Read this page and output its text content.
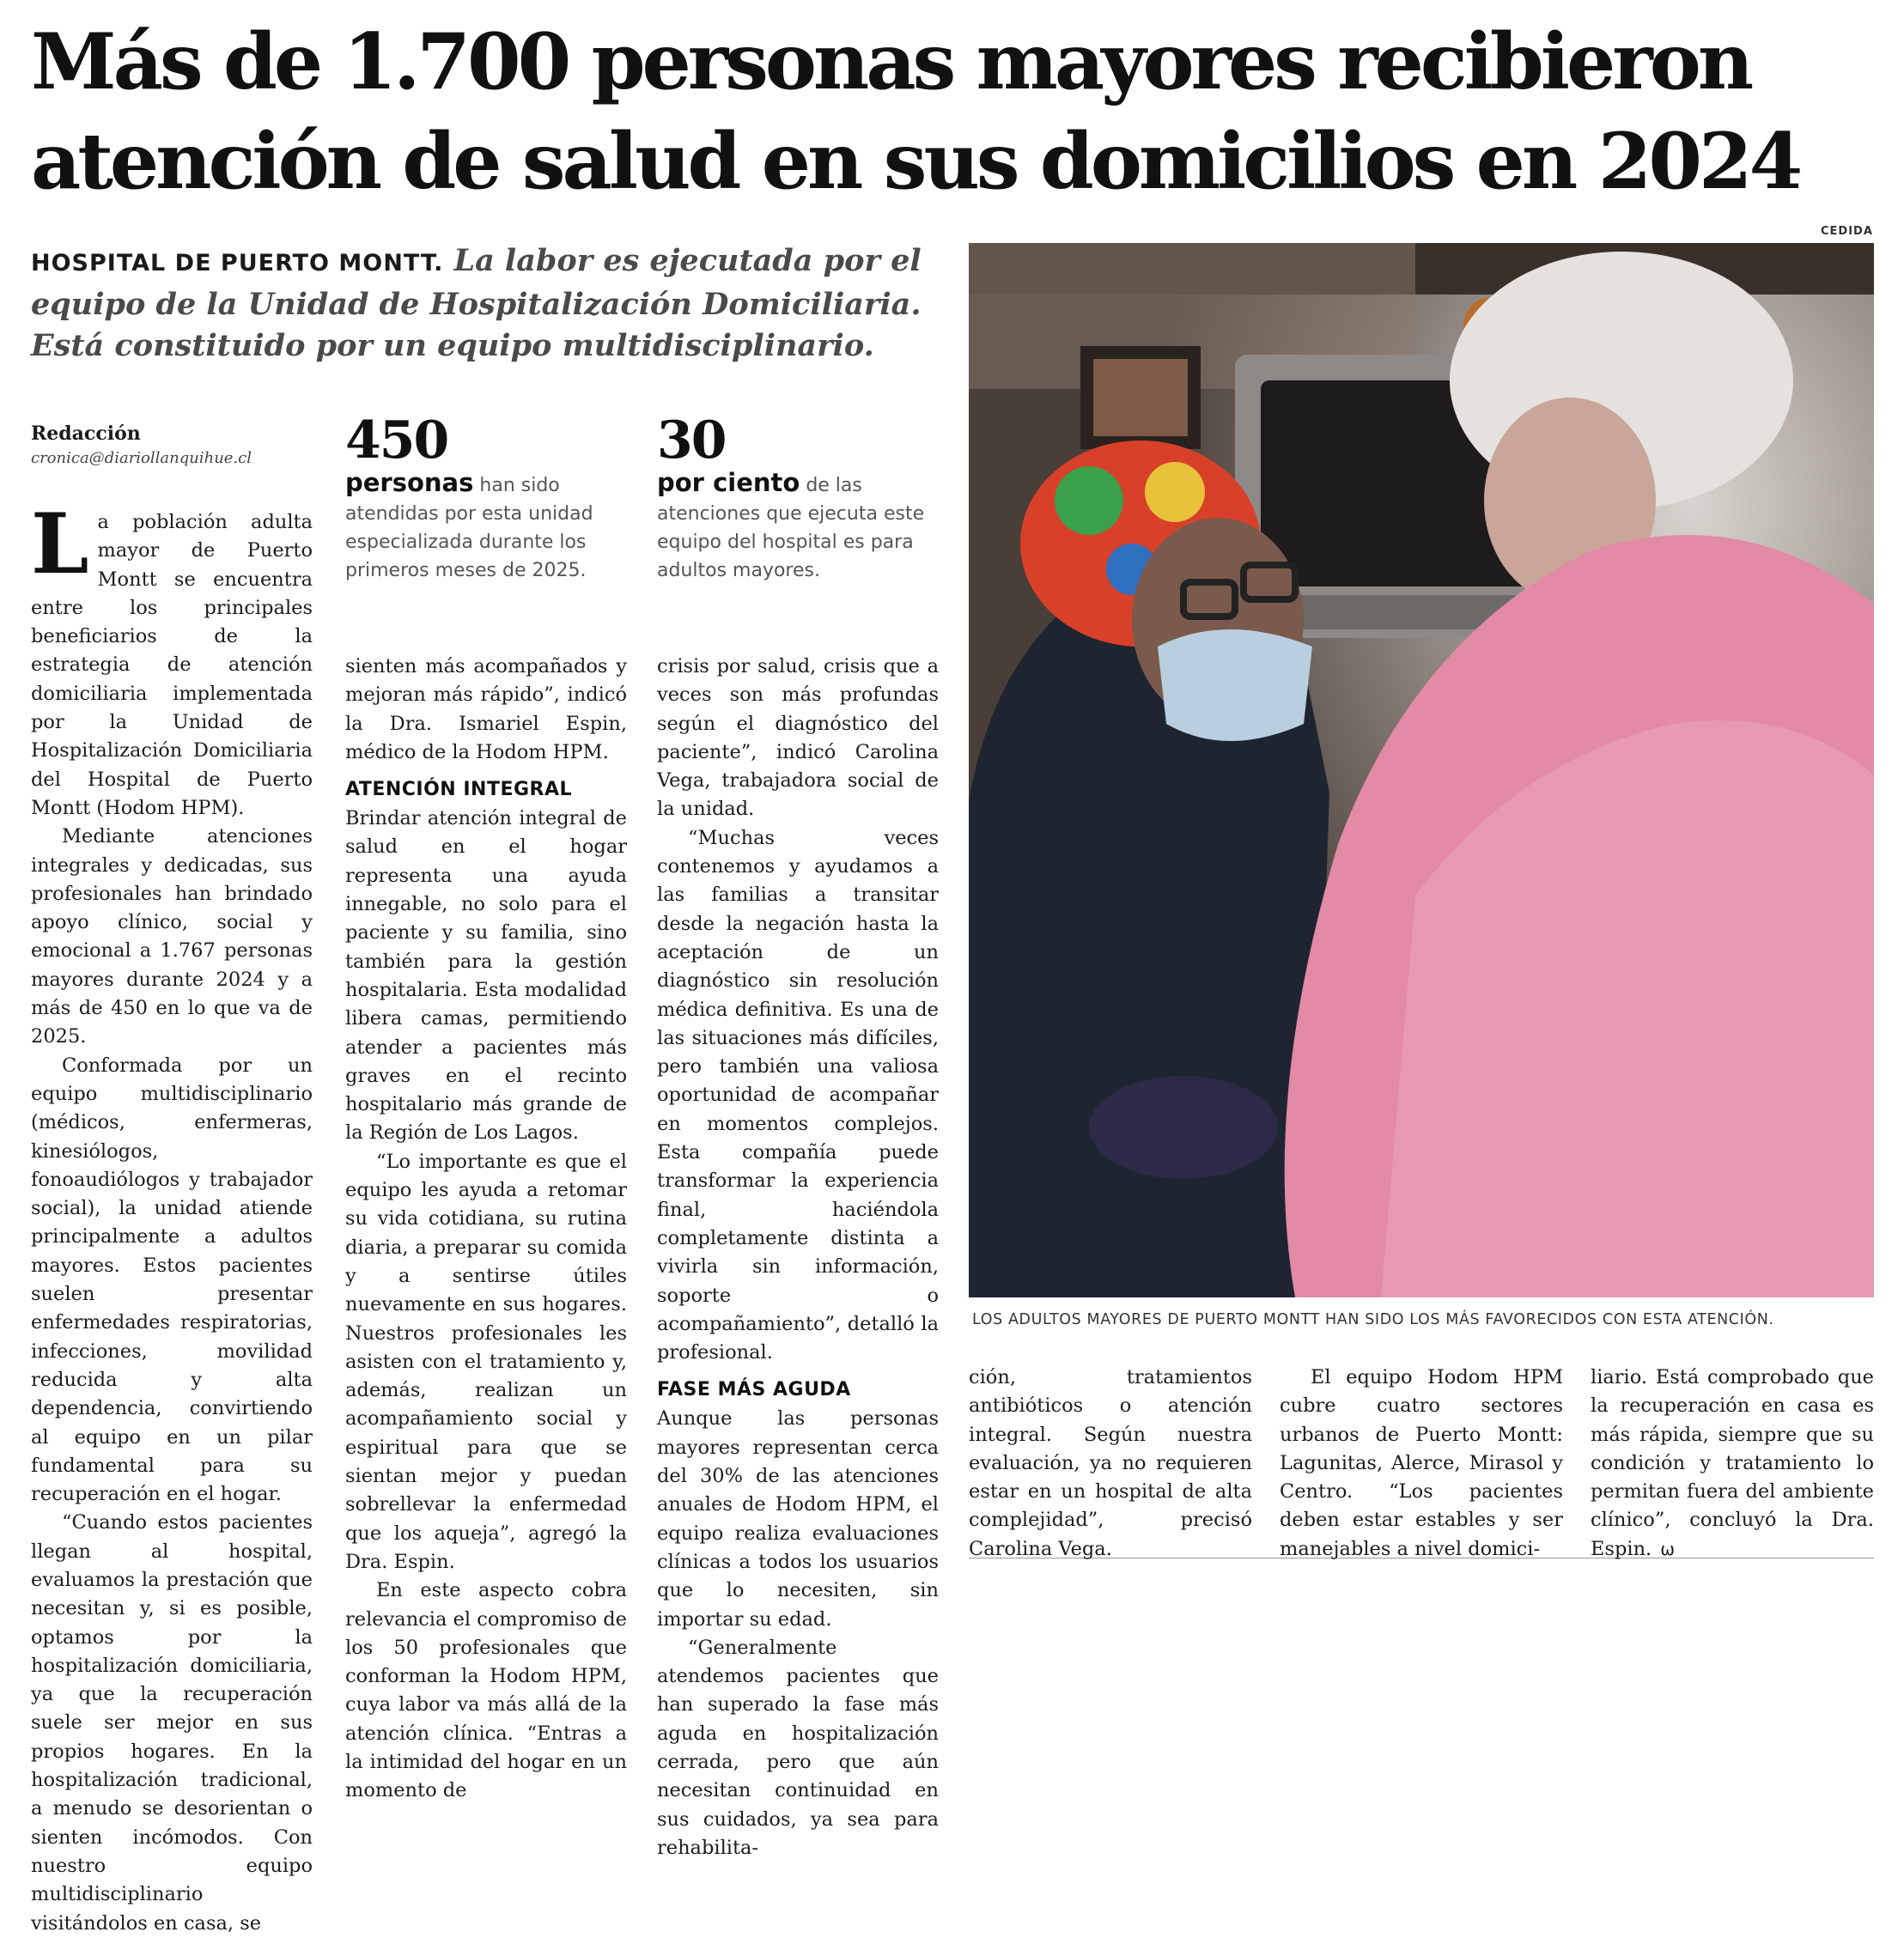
Más de 1.700 personas mayores recibieron
atención de salud en sus domicilios en 2024
CEDIDA

HOSPITAL DE PUERTO MONTT. La labor es ejecutada por el equipo de la Unidad de Hospitalización Domiciliaria. Está constituido por un equipo multidisciplinario.

Redacción
cronica@diariollanquihue.cl	450
personas han sido atendidas por esta unidad especializada durante los primeros meses de 2025.
30
por ciento de las atenciones que ejecuta este equipo del hospital es para adultos mayores.

La población adulta mayor de Puerto Montt se encuentra entre los principales beneficiarios de la estrategia de atención domiciliaria implementada por la Unidad de Hospitalización Domiciliaria del Hospital de Puerto Montt (Hodom HPM).

Mediante atenciones integrales y dedicadas, sus profesionales han brindado apoyo clínico, social y emocional a 1.767 personas mayores durante 2024 y a más de 450 en lo que va de 2025.

Conformada por un equipo multidisciplinario (médicos, enfermeras, kinesiólogos, fonoaudiólogos y trabajador social), la unidad atiende principalmente a adultos mayores. Estos pacientes suelen presentar enfermedades respiratorias, infecciones, movilidad reducida y alta dependencia, convirtiendo al equipo en un pilar fundamental para su recuperación en el hogar.

“Cuando estos pacientes llegan al hospital, evaluamos la prestación que necesitan y, si es posible, optamos por la hospitalización domiciliaria, ya que la recuperación suele ser mejor en sus propios hogares. En la hospitalización tradicional, a menudo se desorientan o sienten incómodos. Con nuestro equipo multidisciplinario visitándolos en casa, se

sienten más acompañados y mejoran más rápido”, indicó la Dra. Ismariel Espin, médico de la Hodom HPM.

ATENCIÓN INTEGRAL

Brindar atención integral de salud en el hogar representa una ayuda innegable, no solo para el paciente y su familia, sino también para la gestión hospitalaria. Esta modalidad libera camas, permitiendo atender a pacientes más graves en el recinto hospitalario más grande de la Región de Los Lagos.

“Lo importante es que el equipo les ayuda a retomar su vida cotidiana, su rutina diaria, a preparar su comida y a sentirse útiles nuevamente en sus hogares. Nuestros profesionales les asisten con el tratamiento y, además, realizan un acompañamiento social y espiritual para que se sientan mejor y puedan sobrellevar la enfermedad que los aqueja”, agregó la Dra. Espin.

En este aspecto cobra relevancia el compromiso de los 50 profesionales que conforman la Hodom HPM, cuya labor va más allá de la atención clínica. “Entras a la intimidad del hogar en un momento de

crisis por salud, crisis que a veces son más profundas según el diagnóstico del paciente”, indicó Carolina Vega, trabajadora social de la unidad.

“Muchas veces contenemos y ayudamos a las familias a transitar desde la negación hasta la aceptación de un diagnóstico sin resolución médica definitiva. Es una de las situaciones más difíciles, pero también una valiosa oportunidad de acompañar en momentos complejos. Esta compañía puede transformar la experiencia final, haciéndola completamente distinta a vivirla sin información, soporte o acompañamiento”, detalló la profesional.

FASE MÁS AGUDA

Aunque las personas mayores representan cerca del 30% de las atenciones anuales de Hodom HPM, el equipo realiza evaluaciones clínicas a todos los usuarios que lo necesiten, sin importar su edad.

“Generalmente atendemos pacientes que han superado la fase más aguda en hospitalización cerrada, pero que aún necesitan continuidad en sus cuidados, ya sea para rehabilita-

LOS ADULTOS MAYORES DE PUERTO MONTT HAN SIDO LOS MÁS FAVORECIDOS CON ESTA ATENCIÓN.

ción, tratamientos antibióticos o atención integral. Según nuestra evaluación, ya no requieren estar en un hospital de alta complejidad”, precisó Carolina Vega.

El equipo Hodom HPM cubre cuatro sectores urbanos de Puerto Montt: Lagunitas, Alerce, Mirasol y Centro. “Los pacientes deben estar estables y ser manejables a nivel domici-

liario. Está comprobado que la recuperación en casa es más rápida, siempre que su condición y tratamiento lo permitan fuera del ambiente clínico”, concluyó la Dra. Espin. ω
